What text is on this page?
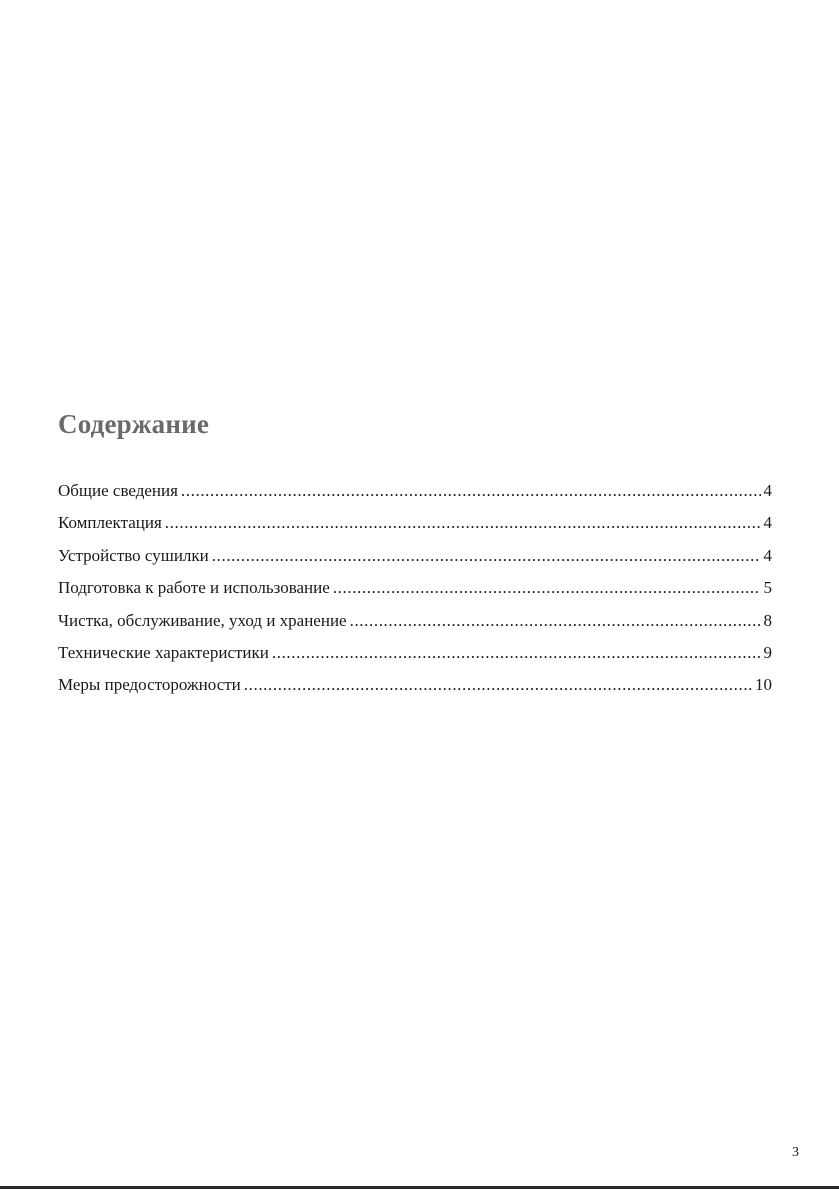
Содержание
Общие сведения .....	4
Комплектация .....	4
Устройство сушилки .....	4
Подготовка к работе и использование .....	5
Чистка, обслуживание, уход и хранение .....	8
Технические характеристики .....	9
Меры предосторожности .....	10
3
